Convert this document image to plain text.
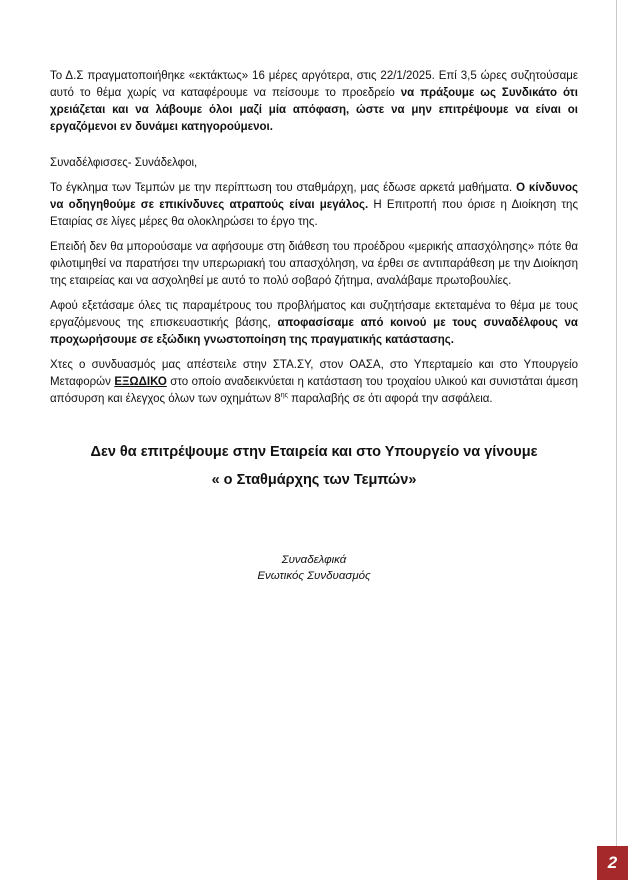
Το Δ.Σ πραγματοποιήθηκε «εκτάκτως» 16 μέρες αργότερα, στις 22/1/2025. Επί 3,5 ώρες συζητούσαμε αυτό το θέμα χωρίς να καταφέρουμε να πείσουμε το προεδρείο να πράξουμε ως Συνδικάτο ότι χρειάζεται και να λάβουμε όλοι μαζί μία απόφαση, ώστε να μην επιτρέψουμε να είναι οι εργαζόμενοι εν δυνάμει κατηγορούμενοι.

Συναδέλφισσες- Συνάδελφοι,

Το έγκλημα των Τεμπών με την περίπτωση του σταθμάρχη, μας έδωσε αρκετά μαθήματα. Ο κίνδυνος να οδηγηθούμε σε επικίνδυνες ατραπούς είναι μεγάλος. Η Επιτροπή που όρισε η Διοίκηση της Εταιρίας σε λίγες μέρες θα ολοκληρώσει το έργο της.

Επειδή δεν θα μπορούσαμε να αφήσουμε στη διάθεση του προέδρου «μερικής απασχόλησης» πότε θα φιλοτιμηθεί να παρατήσει την υπερωριακή του απασχόληση, να έρθει σε αντιπαράθεση με την Διοίκηση της εταιρείας και να ασχοληθεί με αυτό το πολύ σοβαρό ζήτημα, αναλάβαμε πρωτοβουλίες.

Αφού εξετάσαμε όλες τις παραμέτρους του προβλήματος και συζητήσαμε εκτεταμένα το θέμα με τους εργαζόμενους της επισκευαστικής βάσης, αποφασίσαμε από κοινού με τους συναδέλφους να προχωρήσουμε σε εξώδικη γνωστοποίηση της πραγματικής κατάστασης.

Χτες ο συνδυασμός μας απέστειλε στην ΣΤΑ.ΣΥ, στον ΟΑΣΑ, στο Υπερταμείο και στο Υπουργείο Μεταφορών ΕΞΩΔΙΚΟ στο οποίο αναδεικνύεται η κατάσταση του τροχαίου υλικού και συνιστάται άμεση απόσυρση και έλεγχος όλων των οχημάτων $8^{\eta\varsigma}$ παραλαβής σε ότι αφορά την ασφάλεια.

Δεν θα επιτρέψουμε στην Εταιρεία και στο Υπουργείο να γίνουμε
« ο Σταθμάρχης των Τεμπών»
Συναδελφικά
Ενωτικός Συνδυασμός
2
